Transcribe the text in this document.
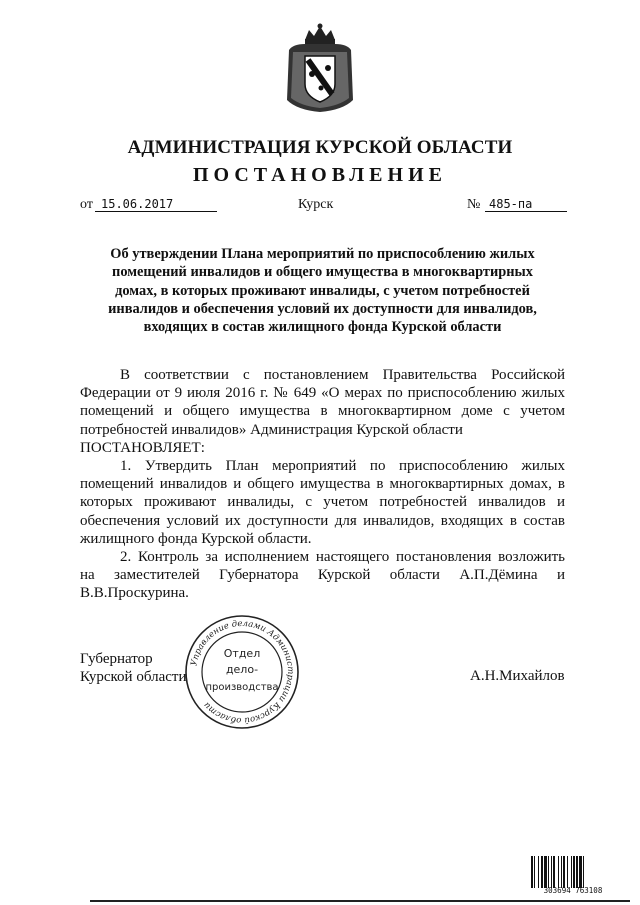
АДМИНИСТРАЦИЯ КУРСКОЙ ОБЛАСТИ
ПОСТАНОВЛЕНИЕ
от 15.06.2017	Курск	№ 485-па
Об утверждении Плана мероприятий по приспособлению жилых
помещений инвалидов и общего имущества в многоквартирных
домах, в которых проживают инвалиды, с учетом потребностей
инвалидов и обеспечения условий их доступности для инвалидов,
входящих в состав жилищного фонда Курской области

В соответствии с постановлением Правительства Российской Федерации от 9 июля 2016 г. № 649 «О мерах по приспособлению жилых помещений и общего имущества в многоквартирном доме с учетом потребностей инвалидов» Администрация Курской области

ПОСТАНОВЛЯЕТ:

1. Утвердить План мероприятий по приспособлению жилых помещений инвалидов и общего имущества в многоквартирных домах, в которых проживают инвалиды, с учетом потребностей инвалидов и обеспечения условий их доступности для инвалидов, входящих в состав жилищного фонда Курской области.

2. Контроль за исполнением настоящего постановления возложить на заместителей Губернатора Курской области А.П.Дёмина и В.В.Проскурина.

Губернатор
Курской области	А.Н.Михайлов
Управление делами Администрации Курской области
Отдел
дело-
производства
303694 763108
